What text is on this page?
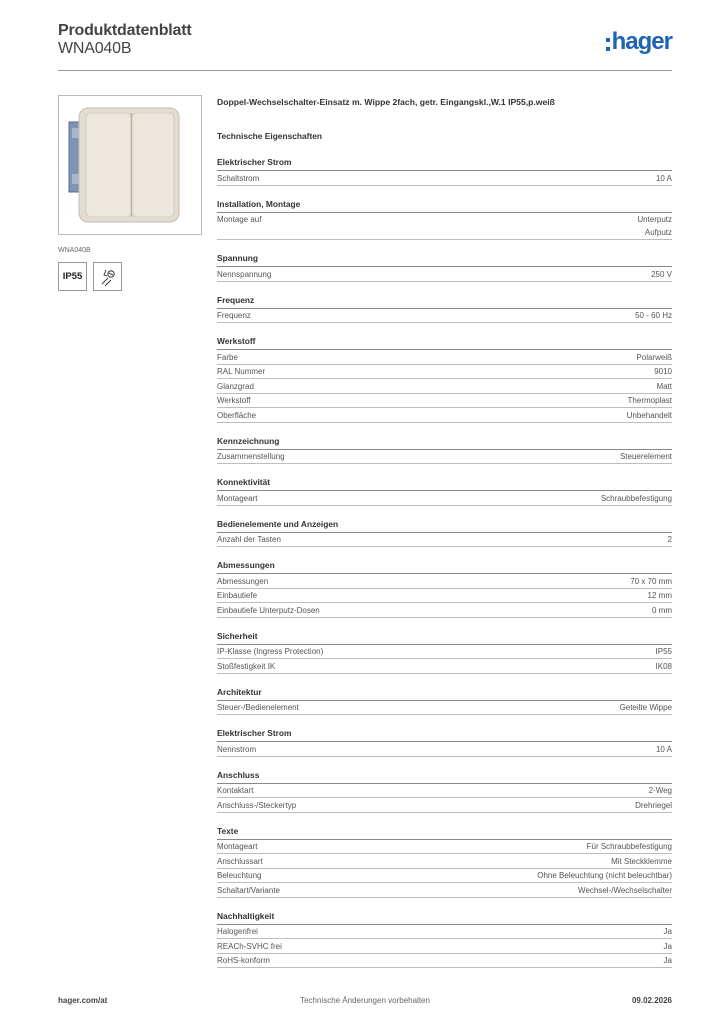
Produktdatenblatt
WNA040B	hager
WNA040B
IP55
Doppel-Wechselschalter-Einsatz m. Wippe 2fach, getr. Eingangskl.,W.1 IP55,p.weiß
Technische Eigenschaften
Elektrischer Strom
Schaltstrom	10 A
Installation, Montage
Montage auf	Unterputz
Aufputz
Spannung
Nennspannung	250 V
Frequenz
Frequenz	50 - 60 Hz
Werkstoff
Farbe	Polarweiß
RAL Nummer	9010
Glanzgrad	Matt
Werkstoff	Thermoplast
Oberfläche	Unbehandelt
Kennzeichnung
Zusammenstellung	Steuerelement
Konnektivität
Montageart	Schraubbefestigung
Bedienelemente und Anzeigen
Anzahl der Tasten	2
Abmessungen
Abmessungen	70 x 70 mm
Einbautiefe	12 mm
Einbautiefe Unterputz-Dosen	0 mm
Sicherheit
IP-Klasse (Ingress Protection)	IP55
Stoßfestigkeit IK	IK08
Architektur
Steuer-/Bedienelement	Geteilte Wippe
Elektrischer Strom
Nennstrom	10 A
Anschluss
Kontaktart	2-Weg
Anschluss-/Steckertyp	Drehriegel
Texte
Montageart	Für Schraubbefestigung
Anschlussart	Mit Steckklemme
Beleuchtung	Ohne Beleuchtung (nicht beleuchtbar)
Schaltart/Variante	Wechsel-/Wechselschalter
Nachhaltigkeit
Halogenfrei	Ja
REACh-SVHC frei	Ja
RoHS-konform	Ja
hager.com/at	Technische Änderungen vorbehalten	09.02.2026
